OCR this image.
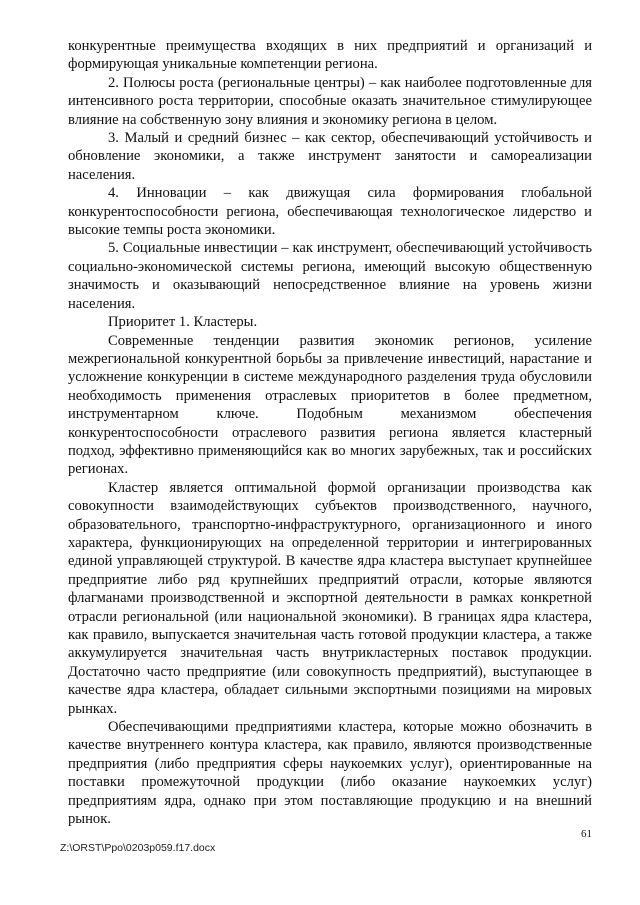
конкурентные преимущества входящих в них предприятий и организаций и формирующая уникальные компетенции региона.

2. Полюсы роста (региональные центры) – как наиболее подготовленные для интенсивного роста территории, способные оказать значительное стимулирующее влияние на собственную зону влияния и экономику региона в целом.

3. Малый и средний бизнес – как сектор, обеспечивающий устойчивость и обновление экономики, а также инструмент занятости и самореализации населения.

4. Инновации – как движущая сила формирования глобальной конкурентоспособности региона, обеспечивающая технологическое лидерство и высокие темпы роста экономики.

5. Социальные инвестиции – как инструмент, обеспечивающий устойчивость социально-экономической системы региона, имеющий высокую общественную значимость и оказывающий непосредственное влияние на уровень жизни населения.

Приоритет 1. Кластеры.

Современные тенденции развития экономик регионов, усиление межрегиональной конкурентной борьбы за привлечение инвестиций, нарастание и усложнение конкуренции в системе международного разделения труда обусловили необходимость применения отраслевых приоритетов в более предметном, инструментарном ключе. Подобным механизмом обеспечения конкурентоспособности отраслевого развития региона является кластерный подход, эффективно применяющийся как во многих зарубежных, так и российских регионах.

Кластер является оптимальной формой организации производства как совокупности взаимодействующих субъектов производственного, научного, образовательного, транспортно-инфраструктурного, организационного и иного характера, функционирующих на определенной территории и интегрированных единой управляющей структурой. В качестве ядра кластера выступает крупнейшее предприятие либо ряд крупнейших предприятий отрасли, которые являются флагманами производственной и экспортной деятельности в рамках конкретной отрасли региональной (или национальной экономики). В границах ядра кластера, как правило, выпускается значительная часть готовой продукции кластера, а также аккумулируется значительная часть внутрикластерных поставок продукции. Достаточно часто предприятие (или совокупность предприятий), выступающее в качестве ядра кластера, обладает сильными экспортными позициями на мировых рынках.

Обеспечивающими предприятиями кластера, которые можно обозначить в качестве внутреннего контура кластера, как правило, являются производственные предприятия (либо предприятия сферы наукоемких услуг), ориентированные на поставки промежуточной продукции (либо оказание наукоемких услуг) предприятиям ядра, однако при этом поставляющие продукцию и на внешний рынок.

61
Z:\ORST\Ppo\0203p059.f17.docx
